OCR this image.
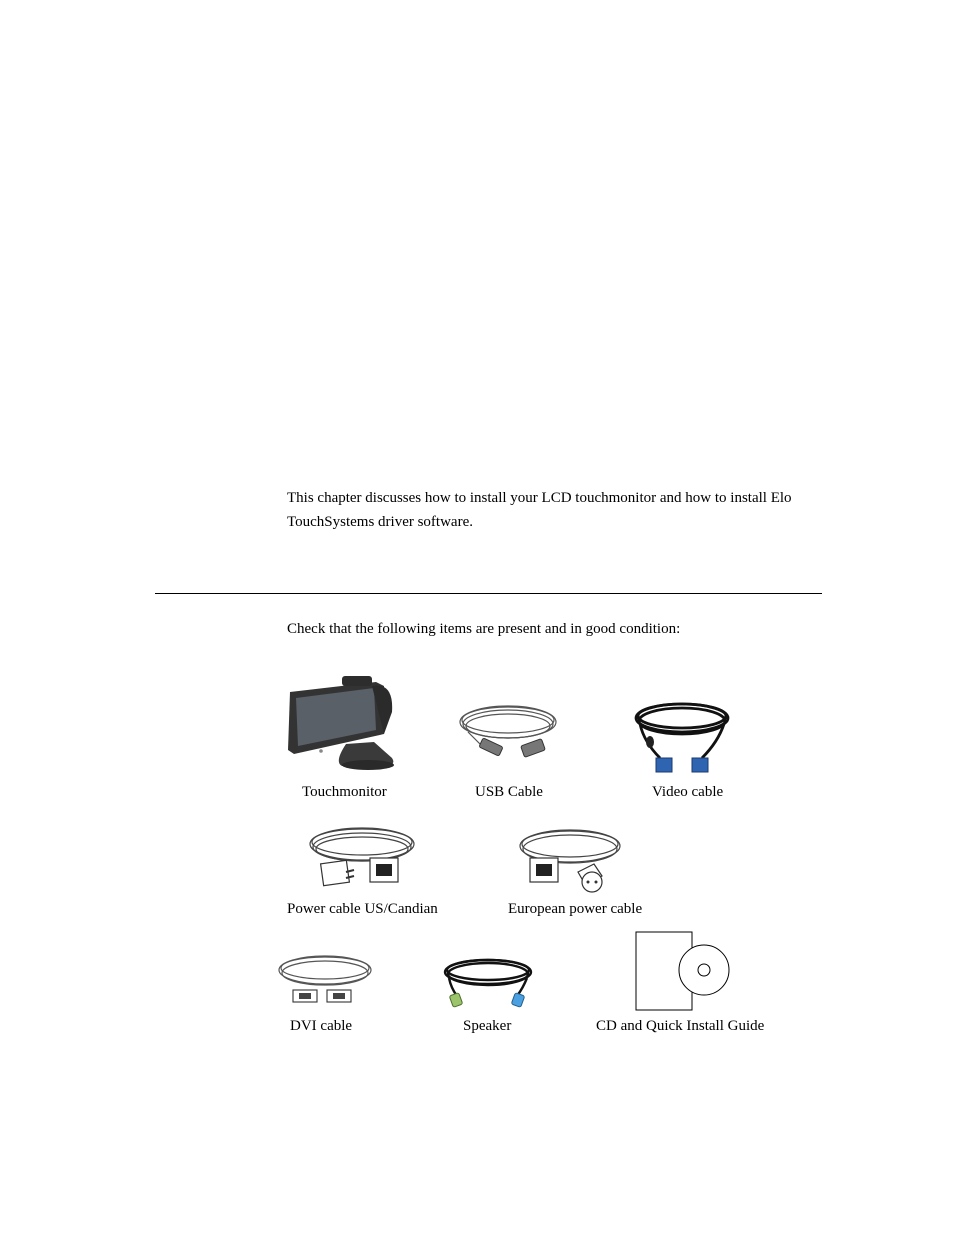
This chapter discusses how to install your LCD touchmonitor and how to install Elo
TouchSystems driver software.

Check that the following items are present and in good condition:

Touchmonitor	USB Cable	Video cable
Power cable US/Candian	European power cable
DVI cable	Speaker	CD and Quick Install Guide
